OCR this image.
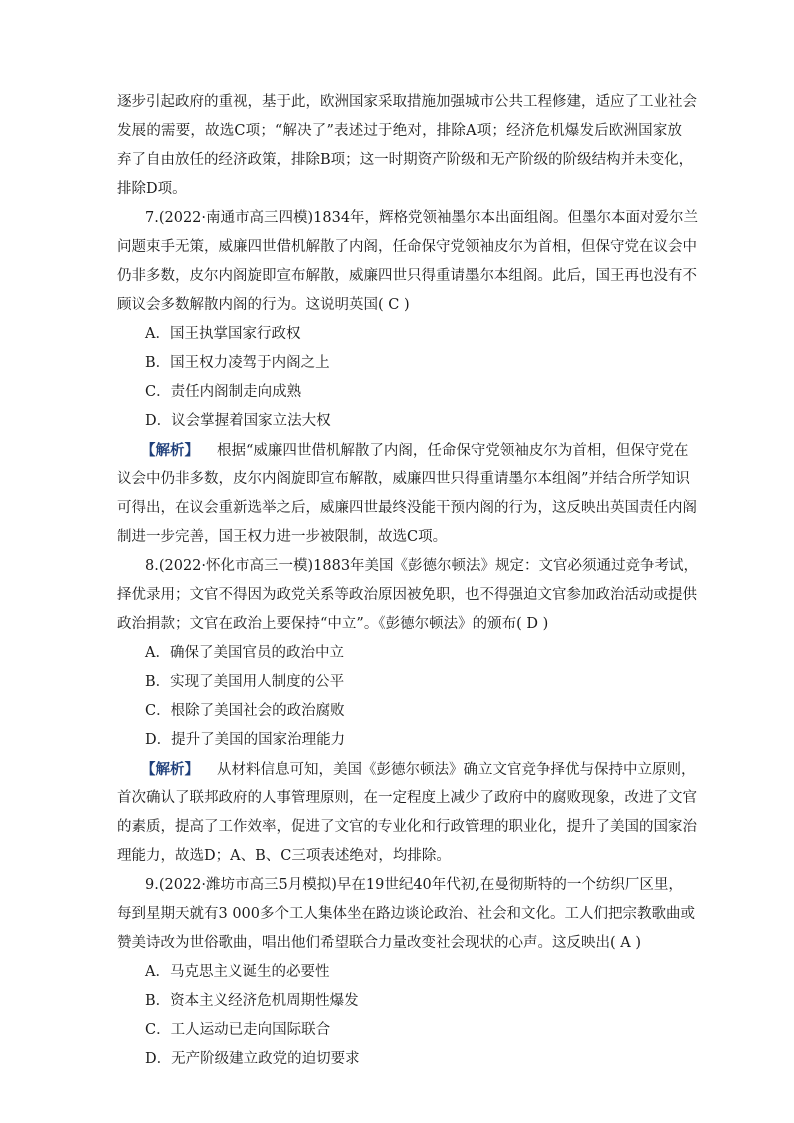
逐步引起政府的重视，基于此，欧洲国家采取措施加强城市公共工程修建，适应了工业社会
发展的需要，故选C项；“解决了”表述过于绝对，排除A项；经济危机爆发后欧洲国家放
弃了自由放任的经济政策，排除B项；这一时期资产阶级和无产阶级的阶级结构并未变化，
排除D项。
7.(2022·南通市高三四模)1834年，辉格党领袖墨尔本出面组阁。但墨尔本面对爱尔兰
问题束手无策，威廉四世借机解散了内阁，任命保守党领袖皮尔为首相，但保守党在议会中
仍非多数，皮尔内阁旋即宣布解散，威廉四世只得重请墨尔本组阁。此后，国王再也没有不
顾议会多数解散内阁的行为。这说明英国( C )
A．国王执掌国家行政权
B．国王权力凌驾于内阁之上
C．责任内阁制走向成熟
D．议会掌握着国家立法大权
【解析】 根据“威廉四世借机解散了内阁，任命保守党领袖皮尔为首相，但保守党在
议会中仍非多数，皮尔内阁旋即宣布解散，威廉四世只得重请墨尔本组阁”并结合所学知识
可得出，在议会重新选举之后，威廉四世最终没能干预内阁的行为，这反映出英国责任内阁
制进一步完善，国王权力进一步被限制，故选C项。
8.(2022·怀化市高三一模)1883年美国《彭德尔顿法》规定：文官必须通过竞争考试，
择优录用；文官不得因为政党关系等政治原因被免职，也不得强迫文官参加政治活动或提供
政治捐款；文官在政治上要保持“中立”。《彭德尔顿法》的颁布( D )
A．确保了美国官员的政治中立
B．实现了美国用人制度的公平
C．根除了美国社会的政治腐败
D．提升了美国的国家治理能力
【解析】 从材料信息可知，美国《彭德尔顿法》确立文官竞争择优与保持中立原则，
首次确认了联邦政府的人事管理原则，在一定程度上减少了政府中的腐败现象，改进了文官
的素质，提高了工作效率，促进了文官的专业化和行政管理的职业化，提升了美国的国家治
理能力，故选D；A、B、C三项表述绝对，均排除。
9.(2022·潍坊市高三5月模拟)早在19世纪40年代初,在曼彻斯特的一个纺织厂区里，
每到星期天就有3 000多个工人集体坐在路边谈论政治、社会和文化。工人们把宗教歌曲或
赞美诗改为世俗歌曲，唱出他们希望联合力量改变社会现状的心声。这反映出( A )
A．马克思主义诞生的必要性
B．资本主义经济危机周期性爆发
C．工人运动已走向国际联合
D．无产阶级建立政党的迫切要求
